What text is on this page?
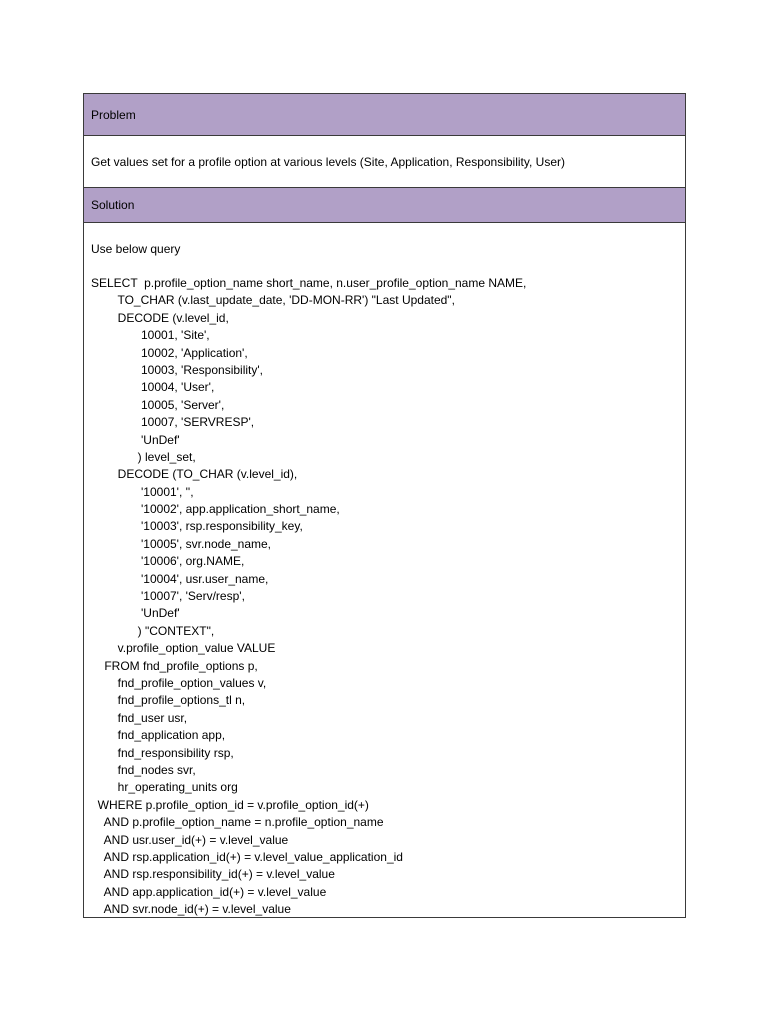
Problem
Get values set for a profile option at various levels (Site, Application, Responsibility, User)
Solution
Use below query
SELECT  p.profile_option_name short_name, n.user_profile_option_name NAME,
TO_CHAR (v.last_update_date, 'DD-MON-RR') "Last Updated",
DECODE (v.level_id,
10001, 'Site',
10002, 'Application',
10003, 'Responsibility',
10004, 'User',
10005, 'Server',
10007, 'SERVRESP',
'UnDef'
) level_set,
DECODE (TO_CHAR (v.level_id),
'10001', '',
'10002', app.application_short_name,
'10003', rsp.responsibility_key,
'10005', svr.node_name,
'10006', org.NAME,
'10004', usr.user_name,
'10007', 'Serv/resp',
'UnDef'
) "CONTEXT",
v.profile_option_value VALUE
FROM fnd_profile_options p,
fnd_profile_option_values v,
fnd_profile_options_tl n,
fnd_user usr,
fnd_application app,
fnd_responsibility rsp,
fnd_nodes svr,
hr_operating_units org
WHERE p.profile_option_id = v.profile_option_id(+)
AND p.profile_option_name = n.profile_option_name
AND usr.user_id(+) = v.level_value
AND rsp.application_id(+) = v.level_value_application_id
AND rsp.responsibility_id(+) = v.level_value
AND app.application_id(+) = v.level_value
AND svr.node_id(+) = v.level_value
